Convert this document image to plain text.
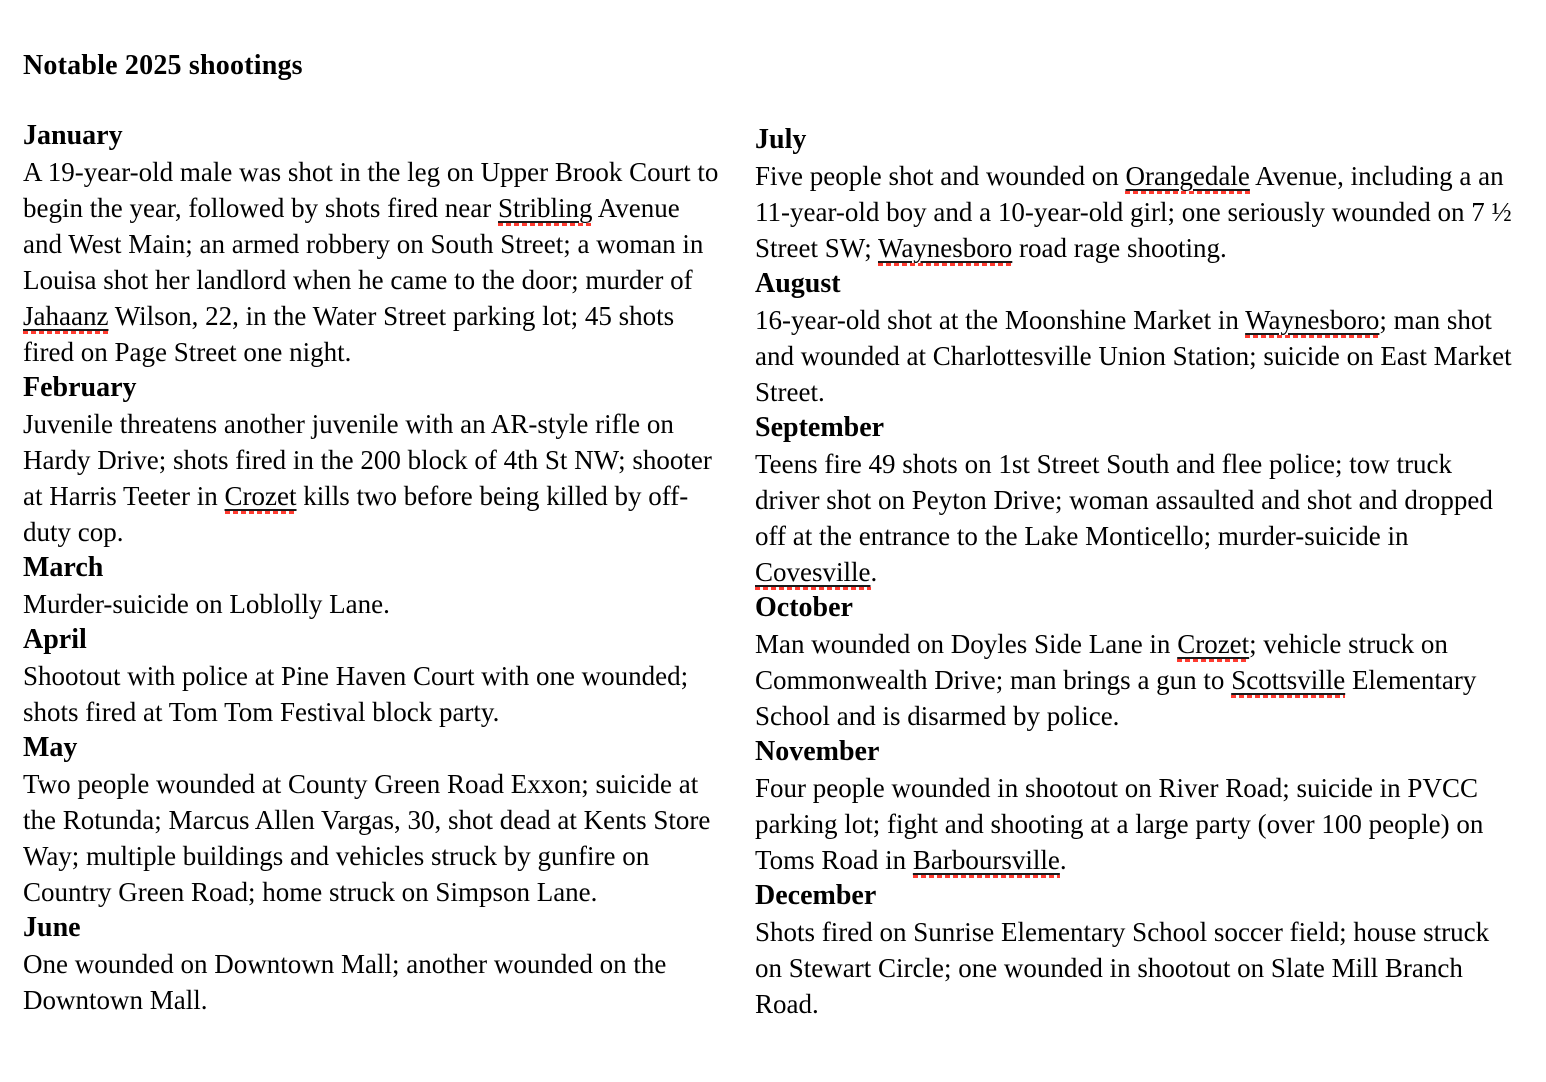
Notable 2025 shootings
January

A 19-year-old male was shot in the leg on Upper Brook Court to begin the year, followed by shots fired near Stribling Avenue and West Main; an armed robbery on South Street; a woman in Louisa shot her landlord when he came to the door; murder of Jahaanz Wilson, 22, in the Water Street parking lot; 45 shots fired on Page Street one night.

February

Juvenile threatens another juvenile with an AR-style rifle on Hardy Drive; shots fired in the 200 block of 4th St NW; shooter at Harris Teeter in Crozet kills two before being killed by off-duty cop.

March

Murder-suicide on Loblolly Lane.

April

Shootout with police at Pine Haven Court with one wounded; shots fired at Tom Tom Festival block party.

May

Two people wounded at County Green Road Exxon; suicide at the Rotunda; Marcus Allen Vargas, 30, shot dead at Kents Store Way; multiple buildings and vehicles struck by gunfire on Country Green Road; home struck on Simpson Lane.

June

One wounded on Downtown Mall; another wounded on the Downtown Mall.

July

Five people shot and wounded on Orangedale Avenue, including a an 11-year-old boy and a 10-year-old girl; one seriously wounded on 7 ½ Street SW; Waynesboro road rage shooting.

August

16-year-old shot at the Moonshine Market in Waynesboro; man shot and wounded at Charlottesville Union Station; suicide on East Market Street.

September

Teens fire 49 shots on 1st Street South and flee police; tow truck driver shot on Peyton Drive; woman assaulted and shot and dropped off at the entrance to the Lake Monticello; murder-suicide in Covesville.

October

Man wounded on Doyles Side Lane in Crozet; vehicle struck on Commonwealth Drive; man brings a gun to Scottsville Elementary School and is disarmed by police.

November

Four people wounded in shootout on River Road; suicide in PVCC parking lot; fight and shooting at a large party (over 100 people) on Toms Road in Barboursville.

December

Shots fired on Sunrise Elementary School soccer field; house struck on Stewart Circle; one wounded in shootout on Slate Mill Branch Road.
